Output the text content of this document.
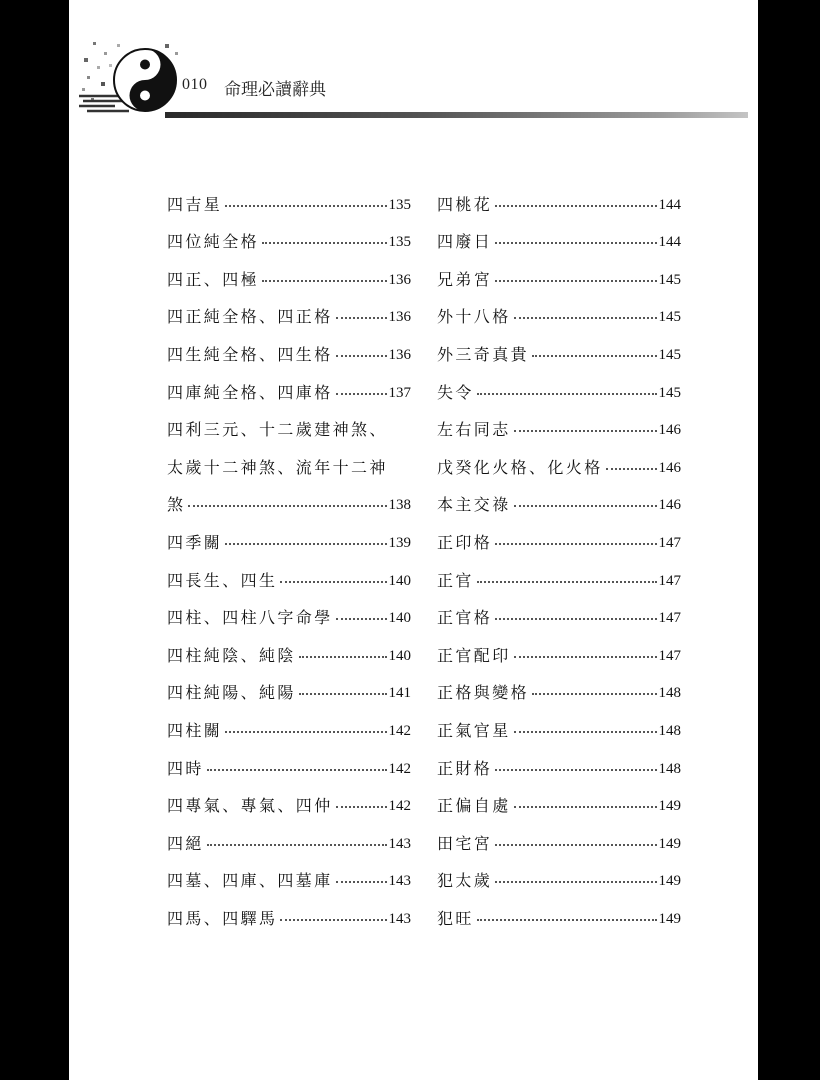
010 命理必讀辭典
四吉星	135
四位純全格	135
四正、四極	136
四正純全格、四正格	136
四生純全格、四生格	136
四庫純全格、四庫格	137
四利三元、十二歲建神煞、
太歲十二神煞、流年十二神
煞	138
四季關	139
四長生、四生	140
四柱、四柱八字命學	140
四柱純陰、純陰	140
四柱純陽、純陽	141
四柱關	142
四時	142
四專氣、專氣、四仲	142
四絕	143
四墓、四庫、四墓庫	143
四馬、四驛馬	143
四桃花	144
四廢日	144
兄弟宮	145
外十八格	145
外三奇真貴	145
失令	145
左右同志	146
戊癸化火格、化火格	146
本主交祿	146
正印格	147
正官	147
正官格	147
正官配印	147
正格與變格	148
正氣官星	148
正財格	148
正偏自處	149
田宅宮	149
犯太歲	149
犯旺	149
